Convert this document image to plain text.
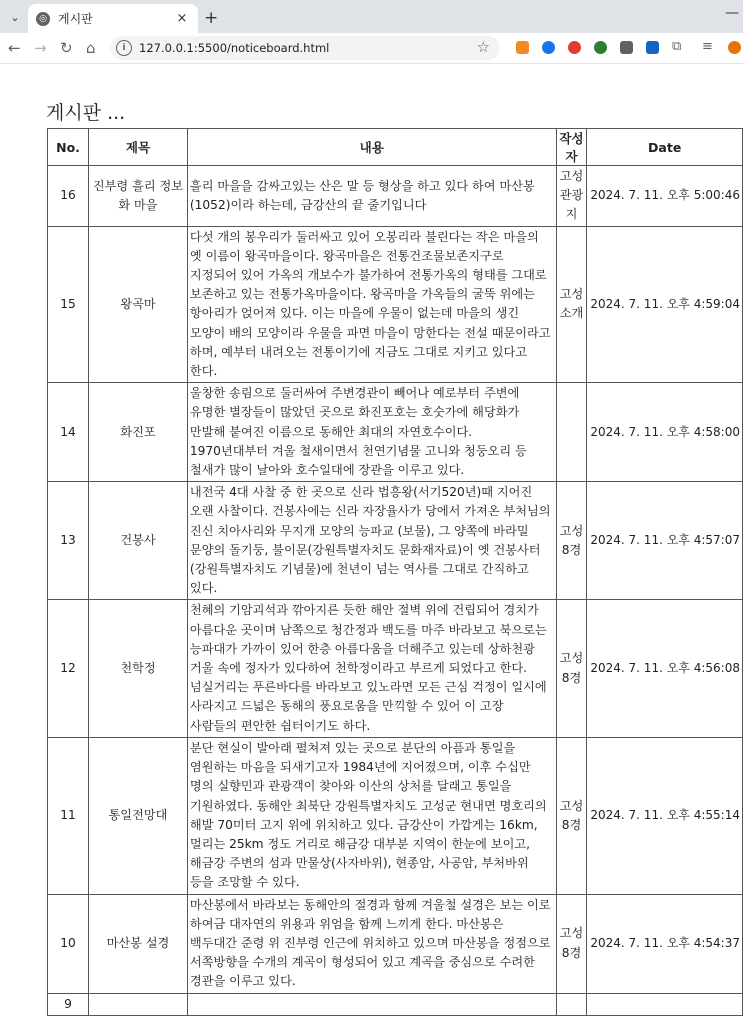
⌄	◎ 게시판	× +	—
← → ↻ ⌂	i	127.0.0.1:5500/noticeboard.html	☆	⧉ ≡
게시판 ...
No.	제목	내용	작성자	Date
16	진부령 흘리 정보화 마을	흘리 마을을 감싸고있는 산은 말 등 형상을 하고 있다 하여 마산봉(1052)이라 하는데, 금강산의 끝 줄기입니다	고성 관광지	2024. 7. 11. 오후 5:00:46
15	왕곡마	다섯 개의 봉우리가 둘러싸고 있어 오봉리라 불린다는 작은 마을의 옛 이름이 왕곡마을이다. 왕곡마을은 전통건조물보존지구로 지정되어 있어 가옥의 개보수가 불가하여 전통가옥의 형태를 그대로 보존하고 있는 전통가옥마을이다. 왕곡마을 가옥들의 굴뚝 위에는 항아리가 얹어져 있다. 이는 마을에 우물이 없는데 마을의 생긴 모양이 배의 모양이라 우물을 파면 마을이 망한다는 전설 때문이라고 하며, 예부터 내려오는 전통이기에 지금도 그대로 지키고 있다고 한다.	고성 소개	2024. 7. 11. 오후 4:59:04
14	화진포	울창한 송림으로 둘러싸여 주변경관이 빼어나 예로부터 주변에 유명한 별장들이 많았던 곳으로 화진포호는 호숫가에 해당화가 만발해 붙여진 이름으로 동해안 최대의 자연호수이다. 1970년대부터 겨울 철새이면서 천연기념물 고니와 청둥오리 등 철새가 많이 날아와 호수일대에 장관을 이루고 있다.		2024. 7. 11. 오후 4:58:00
13	건봉사	내전국 4대 사찰 중 한 곳으로 신라 법흥왕(서기520년)때 지어진 오랜 사찰이다. 건봉사에는 신라 자장율사가 당에서 가져온 부처님의 진신 치아사리와 무지개 모양의 능파교 (보물), 그 양쪽에 바라밀 문양의 돌기둥, 불이문(강원특별자치도 문화재자료)이 옛 건봉사터(강원특별자치도 기념물)에 천년이 넘는 역사를 그대로 간직하고 있다.	고성8경	2024. 7. 11. 오후 4:57:07
12	천학정	천혜의 기암괴석과 깎아지른 듯한 해안 절벽 위에 건립되어 경치가 아름다운 곳이며 남쪽으로 청간정과 백도를 마주 바라보고 북으로는 능파대가 가까이 있어 한층 아름다움을 더해주고 있는데 상하천광 거울 속에 정자가 있다하여 천학정이라고 부르게 되었다고 한다. 넘실거리는 푸른바다를 바라보고 있노라면 모든 근심 걱정이 일시에 사라지고 드넓은 동해의 풍요로움을 만끽할 수 있어 이 고장 사람들의 편안한 쉼터이기도 하다.	고성8경	2024. 7. 11. 오후 4:56:08
11	통일전망대	분단 현실이 발아래 펼쳐져 있는 곳으로 분단의 아픔과 통일을 염원하는 마음을 되새기고자 1984년에 지어졌으며, 이후 수십만 명의 실향민과 관광객이 찾아와 이산의 상처를 달래고 통일을 기원하였다. 동해안 최북단 강원특별자치도 고성군 현내면 명호리의 해발 70미터 고지 위에 위치하고 있다. 금강산이 가깝게는 16km, 멀리는 25km 정도 거리로 해금강 대부분 지역이 한눈에 보이고, 해금강 주변의 섬과 만물상(사자바위), 현종암, 사공암, 부처바위 등을 조망할 수 있다.	고성8경	2024. 7. 11. 오후 4:55:14
10	마산봉 설경	마산봉에서 바라보는 동해안의 절경과 함께 겨울철 설경은 보는 이로 하여금 대자연의 위용과 위엄을 함께 느끼게 한다. 마산봉은 백두대간 준령 위 진부령 인근에 위치하고 있으며 마산봉을 정점으로 서쪽방향을 수개의 계곡이 형성되어 있고 계곡을 중심으로 수려한 경관을 이루고 있다.	고성8경	2024. 7. 11. 오후 4:54:37
9				
